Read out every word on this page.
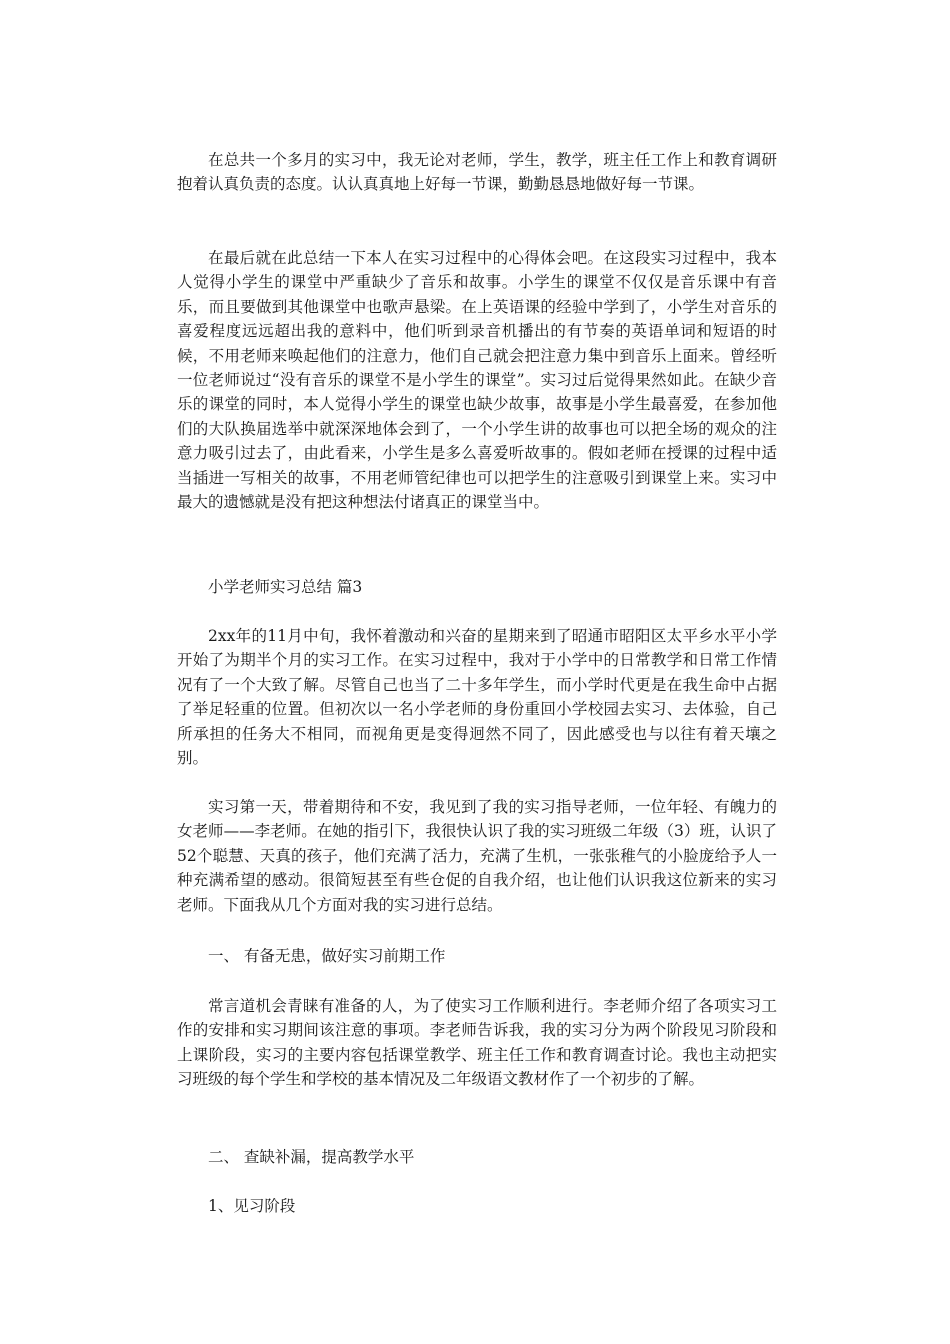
在总共一个多月的实习中，我无论对老师，学生，教学，班主任工作上和教育调研抱着认真负责的态度。认认真真地上好每一节课，勤勤恳恳地做好每一节课。

在最后就在此总结一下本人在实习过程中的心得体会吧。在这段实习过程中，我本人觉得小学生的课堂中严重缺少了音乐和故事。小学生的课堂不仅仅是音乐课中有音乐，而且要做到其他课堂中也歌声悬梁。在上英语课的经验中学到了，小学生对音乐的喜爱程度远远超出我的意料中，他们听到录音机播出的有节奏的英语单词和短语的时候，不用老师来唤起他们的注意力，他们自己就会把注意力集中到音乐上面来。曾经听一位老师说过“没有音乐的课堂不是小学生的课堂”。实习过后觉得果然如此。在缺少音乐的课堂的同时，本人觉得小学生的课堂也缺少故事，故事是小学生最喜爱，在参加他们的大队换届选举中就深深地体会到了，一个小学生讲的故事也可以把全场的观众的注意力吸引过去了，由此看来，小学生是多么喜爱听故事的。假如老师在授课的过程中适当插进一写相关的故事，不用老师管纪律也可以把学生的注意吸引到课堂上来。实习中最大的遗憾就是没有把这种想法付诸真正的课堂当中。

小学老师实习总结 篇3

2xx年的11月中旬，我怀着激动和兴奋的星期来到了昭通市昭阳区太平乡水平小学开始了为期半个月的实习工作。在实习过程中，我对于小学中的日常教学和日常工作情况有了一个大致了解。尽管自己也当了二十多年学生，而小学时代更是在我生命中占据了举足轻重的位置。但初次以一名小学老师的身份重回小学校园去实习、去体验，自己所承担的任务大不相同，而视角更是变得迥然不同了，因此感受也与以往有着天壤之别。

实习第一天，带着期待和不安，我见到了我的实习指导老师，一位年轻、有魄力的女老师——李老师。在她的指引下，我很快认识了我的实习班级二年级（3）班，认识了52个聪慧、天真的孩子，他们充满了活力，充满了生机，一张张稚气的小脸庞给予人一种充满希望的感动。很简短甚至有些仓促的自我介绍，也让他们认识我这位新来的实习老师。下面我从几个方面对我的实习进行总结。

一、 有备无患，做好实习前期工作

常言道机会青睐有准备的人，为了使实习工作顺利进行。李老师介绍了各项实习工作的安排和实习期间该注意的事项。李老师告诉我，我的实习分为两个阶段见习阶段和上课阶段，实习的主要内容包括课堂教学、班主任工作和教育调查讨论。我也主动把实习班级的每个学生和学校的基本情况及二年级语文教材作了一个初步的了解。

二、 查缺补漏，提高教学水平

1、见习阶段
